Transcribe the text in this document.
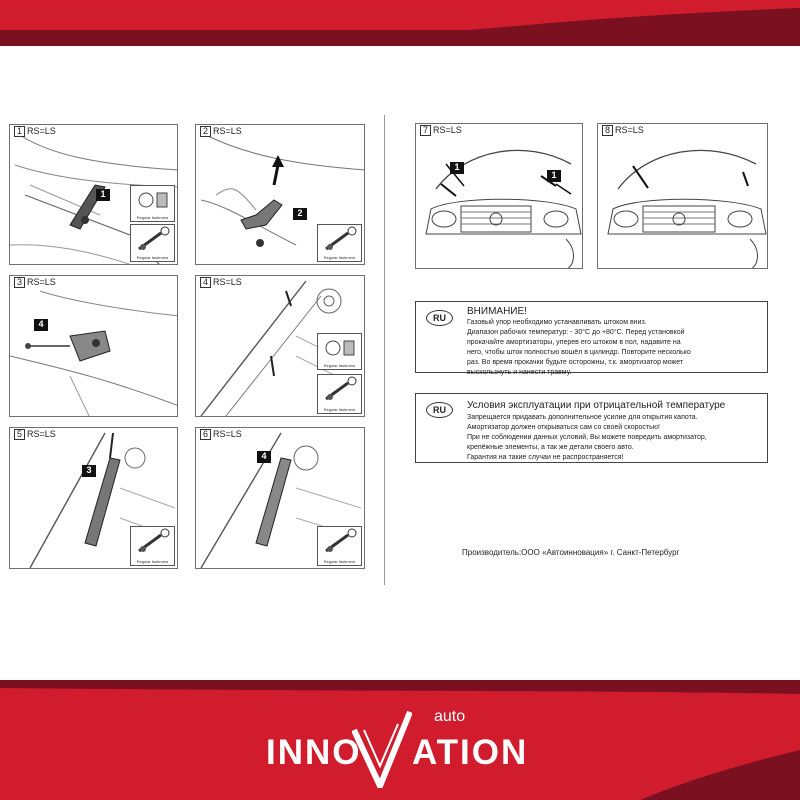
1 RS=LS
1
Regular fasteners
Regular fasteners
2 RS=LS
2
Regular fasteners
3 RS=LS
4
4 RS=LS
Regular fasteners
Regular fasteners
5 RS=LS
3
Regular fasteners
6 RS=LS
4
Regular fasteners
7 RS=LS
1
1
8 RS=LS
RU
ВНИМАНИЕ!
Газовый упор необходимо устанавливать штоком вниз.
Диапазон рабочих температур: - 30°C до +80°C. Перед установкой
прокачайте амортизаторы, уперев его штоком в пол, надавите на
него, чтобы шток полностью вошёл в цилиндр. Повторите несколько
раз. Во время прокачки будьте осторожны, т.к. амортизатор может
выскользнуть и нанести травму.
RU	Условия эксплуатации при отрицательной температуре
Запрещается придавать дополнительное усилие для открытия капота.
Амортизатор должен открываться сам со своей скоростью!
При не соблюдении данных условий, Вы можете повредить амортизатор,
крепёжные элементы, а так же детали своего авто.
Гарантия на такие случаи не распространяется!
Производитель:ООО «Автоинновация» г. Санкт-Петербург
INNO ATION
auto
